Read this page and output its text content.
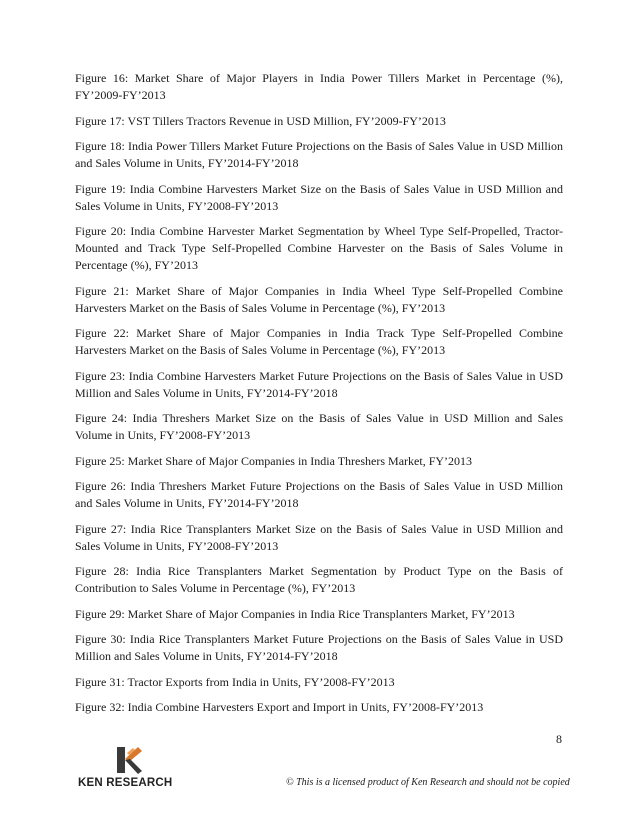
Figure 16: Market Share of Major Players in India Power Tillers Market in Percentage (%), FY’2009-FY’2013

Figure 17: VST Tillers Tractors Revenue in USD Million, FY’2009-FY’2013

Figure 18: India Power Tillers Market Future Projections on the Basis of Sales Value in USD Million and Sales Volume in Units, FY’2014-FY’2018

Figure 19: India Combine Harvesters Market Size on the Basis of Sales Value in USD Million and Sales Volume in Units, FY’2008-FY’2013

Figure 20: India Combine Harvester Market Segmentation by Wheel Type Self-Propelled, Tractor-Mounted and Track Type Self-Propelled Combine Harvester on the Basis of Sales Volume in Percentage (%), FY’2013

Figure 21: Market Share of Major Companies in India Wheel Type Self-Propelled Combine Harvesters Market on the Basis of Sales Volume in Percentage (%), FY’2013

Figure 22: Market Share of Major Companies in India Track Type Self-Propelled Combine Harvesters Market on the Basis of Sales Volume in Percentage (%), FY’2013

Figure 23: India Combine Harvesters Market Future Projections on the Basis of Sales Value in USD Million and Sales Volume in Units, FY’2014-FY’2018

Figure 24: India Threshers Market Size on the Basis of Sales Value in USD Million and Sales Volume in Units, FY’2008-FY’2013

Figure 25: Market Share of Major Companies in India Threshers Market, FY’2013

Figure 26: India Threshers Market Future Projections on the Basis of Sales Value in USD Million and Sales Volume in Units, FY’2014-FY’2018

Figure 27: India Rice Transplanters Market Size on the Basis of Sales Value in USD Million and Sales Volume in Units, FY’2008-FY’2013

Figure 28: India Rice Transplanters Market Segmentation by Product Type on the Basis of Contribution to Sales Volume in Percentage (%), FY’2013

Figure 29: Market Share of Major Companies in India Rice Transplanters Market, FY’2013

Figure 30: India Rice Transplanters Market Future Projections on the Basis of Sales Value in USD Million and Sales Volume in Units, FY’2014-FY’2018

Figure 31: Tractor Exports from India in Units, FY’2008-FY’2013

Figure 32: India Combine Harvesters Export and Import in Units, FY’2008-FY’2013

8
KEN RESEARCH	© This is a licensed product of Ken Research and should not be copied
